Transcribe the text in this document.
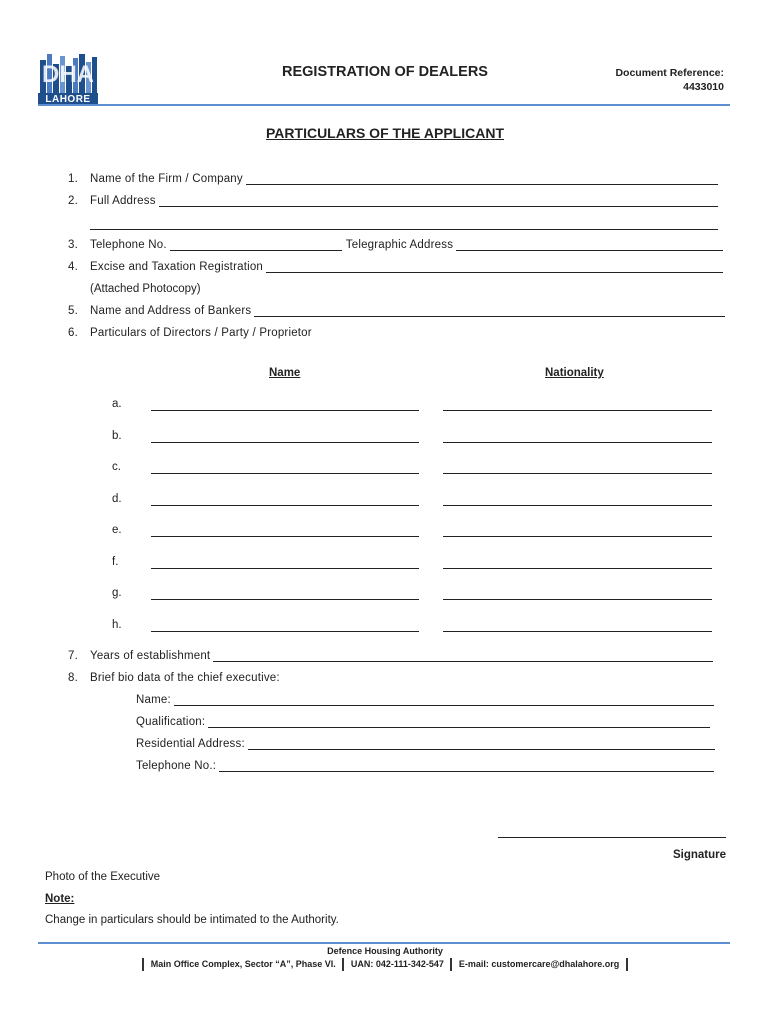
DHA
LAHORE
REGISTRATION OF DEALERS	Document Reference:
4433010
PARTICULARS OF THE APPLICANT
1.	Name of the Firm / Company
2.	Full Address
3.	Telephone No.	Telegraphic Address
4.	Excise and Taxation Registration
(Attached Photocopy)
5.	Name and Address of Bankers
6.	Particulars of Directors / Party / Proprietor
Name	Nationality
a.
b.
c.
d.
e.
f.
g.
h.
7.	Years of establishment
8.	Brief bio data of the chief executive:
Name:
Qualification:
Residential Address:
Telephone No.:
Signature
Photo of the Executive
Note:
Change in particulars should be intimated to the Authority.
Defence Housing Authority
Main Office Complex, Sector “A”, Phase VI. UAN: 042-111-342-547 E-mail: customercare@dhalahore.org
